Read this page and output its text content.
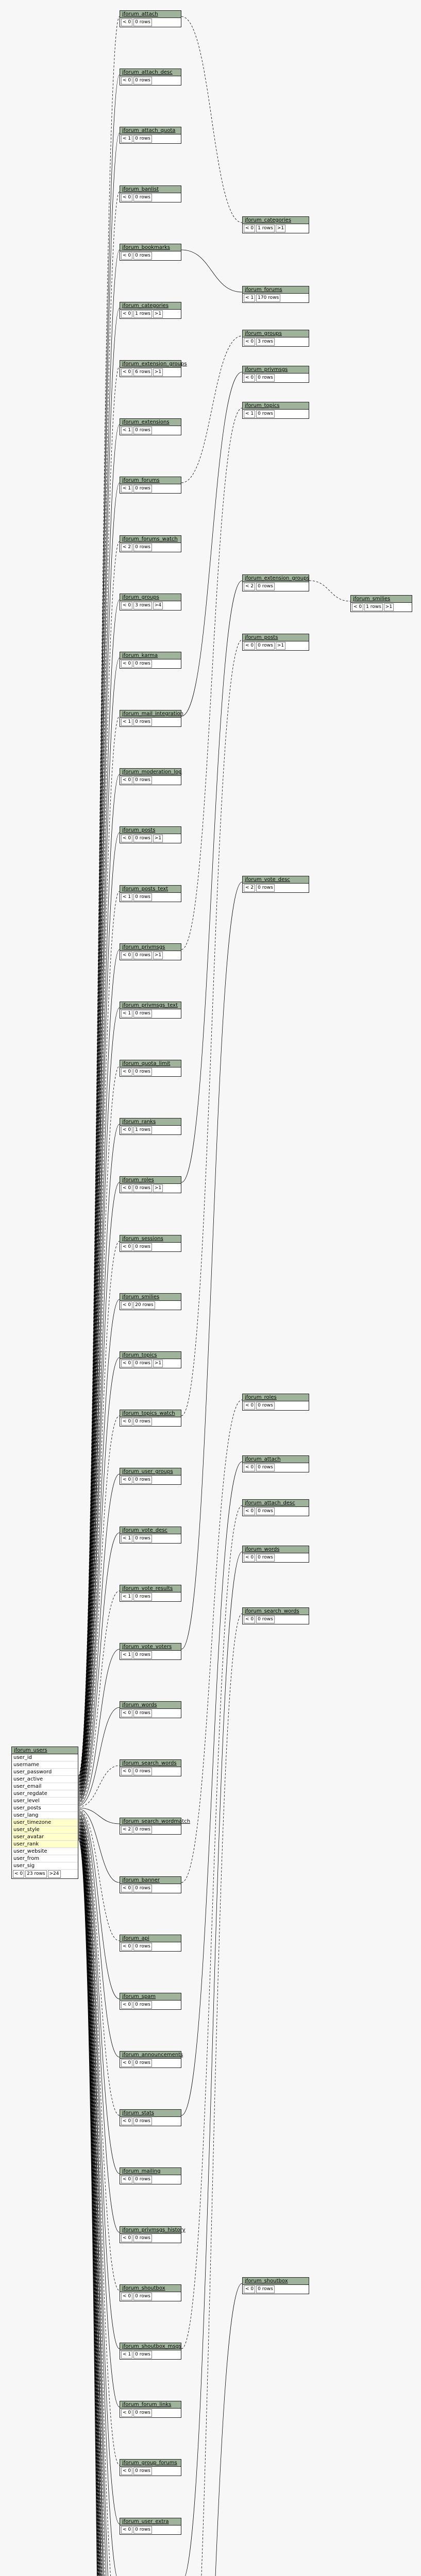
jforum_users
user_id
username
user_password
user_active
user_email
user_regdate
user_level
user_posts
user_lang
user_timezone
user_style
user_avatar
user_rank
user_website
user_from
user_sig
< 0 23 rows >24
jforum_attach
< 0 0 rows
jforum_attach_desc
< 0 0 rows
jforum_attach_quota
< 1 0 rows
jforum_banlist
< 0 0 rows
jforum_bookmarks
< 0 0 rows
jforum_categories
< 0 1 rows >1
jforum_extension_groups
< 0 6 rows >1
jforum_extensions
< 1 0 rows
jforum_forums
< 1 0 rows
jforum_forums_watch
< 2 0 rows
jforum_groups
< 0 3 rows >4
jforum_karma
< 0 0 rows
jforum_mail_integration
< 1 0 rows
jforum_moderation_log
< 0 0 rows
jforum_posts
< 0 0 rows >1
jforum_posts_text
< 1 0 rows
jforum_privmsgs
< 0 0 rows >1
jforum_privmsgs_text
< 1 0 rows
jforum_quota_limit
< 0 0 rows
jforum_ranks
< 0 1 rows
jforum_roles
< 0 0 rows >1
jforum_sessions
< 0 0 rows
jforum_smilies
< 0 20 rows
jforum_topics
< 0 0 rows >1
jforum_topics_watch
< 0 0 rows
jforum_user_groups
< 0 0 rows
jforum_vote_desc
< 1 0 rows
jforum_vote_results
< 1 0 rows
jforum_vote_voters
< 1 0 rows
jforum_words
< 0 0 rows
jforum_search_words
< 0 0 rows
jforum_search_wordmatch
< 2 0 rows
jforum_banner
< 0 0 rows
jforum_api
< 0 0 rows
jforum_spam
< 0 0 rows
jforum_announcements
< 0 0 rows
jforum_stats
< 0 0 rows
jforum_mailing
< 0 0 rows
jforum_privmsgs_history
< 0 0 rows
jforum_shoutbox
< 0 0 rows
jforum_shoutbox_msgs
< 1 0 rows
jforum_forum_links
< 0 0 rows
jforum_group_forums
< 0 0 rows
jforum_user_extra
< 0 0 rows
jforum_categories
< 0 1 rows >1
jforum_forums
< 1 170 rows
jforum_groups
< 0 3 rows
jforum_privmsgs
< 0 0 rows
jforum_topics
< 1 0 rows
jforum_extension_groups
< 2 0 rows
jforum_posts
< 0 0 rows >1
jforum_vote_desc
< 2 0 rows
jforum_roles
< 0 0 rows
jforum_attach
< 0 0 rows
jforum_attach_desc
< 0 0 rows
jforum_words
< 0 0 rows
jforum_search_words
< 0 0 rows
jforum_shoutbox
< 0 0 rows
jforum_smilies
< 0 1 rows >1
